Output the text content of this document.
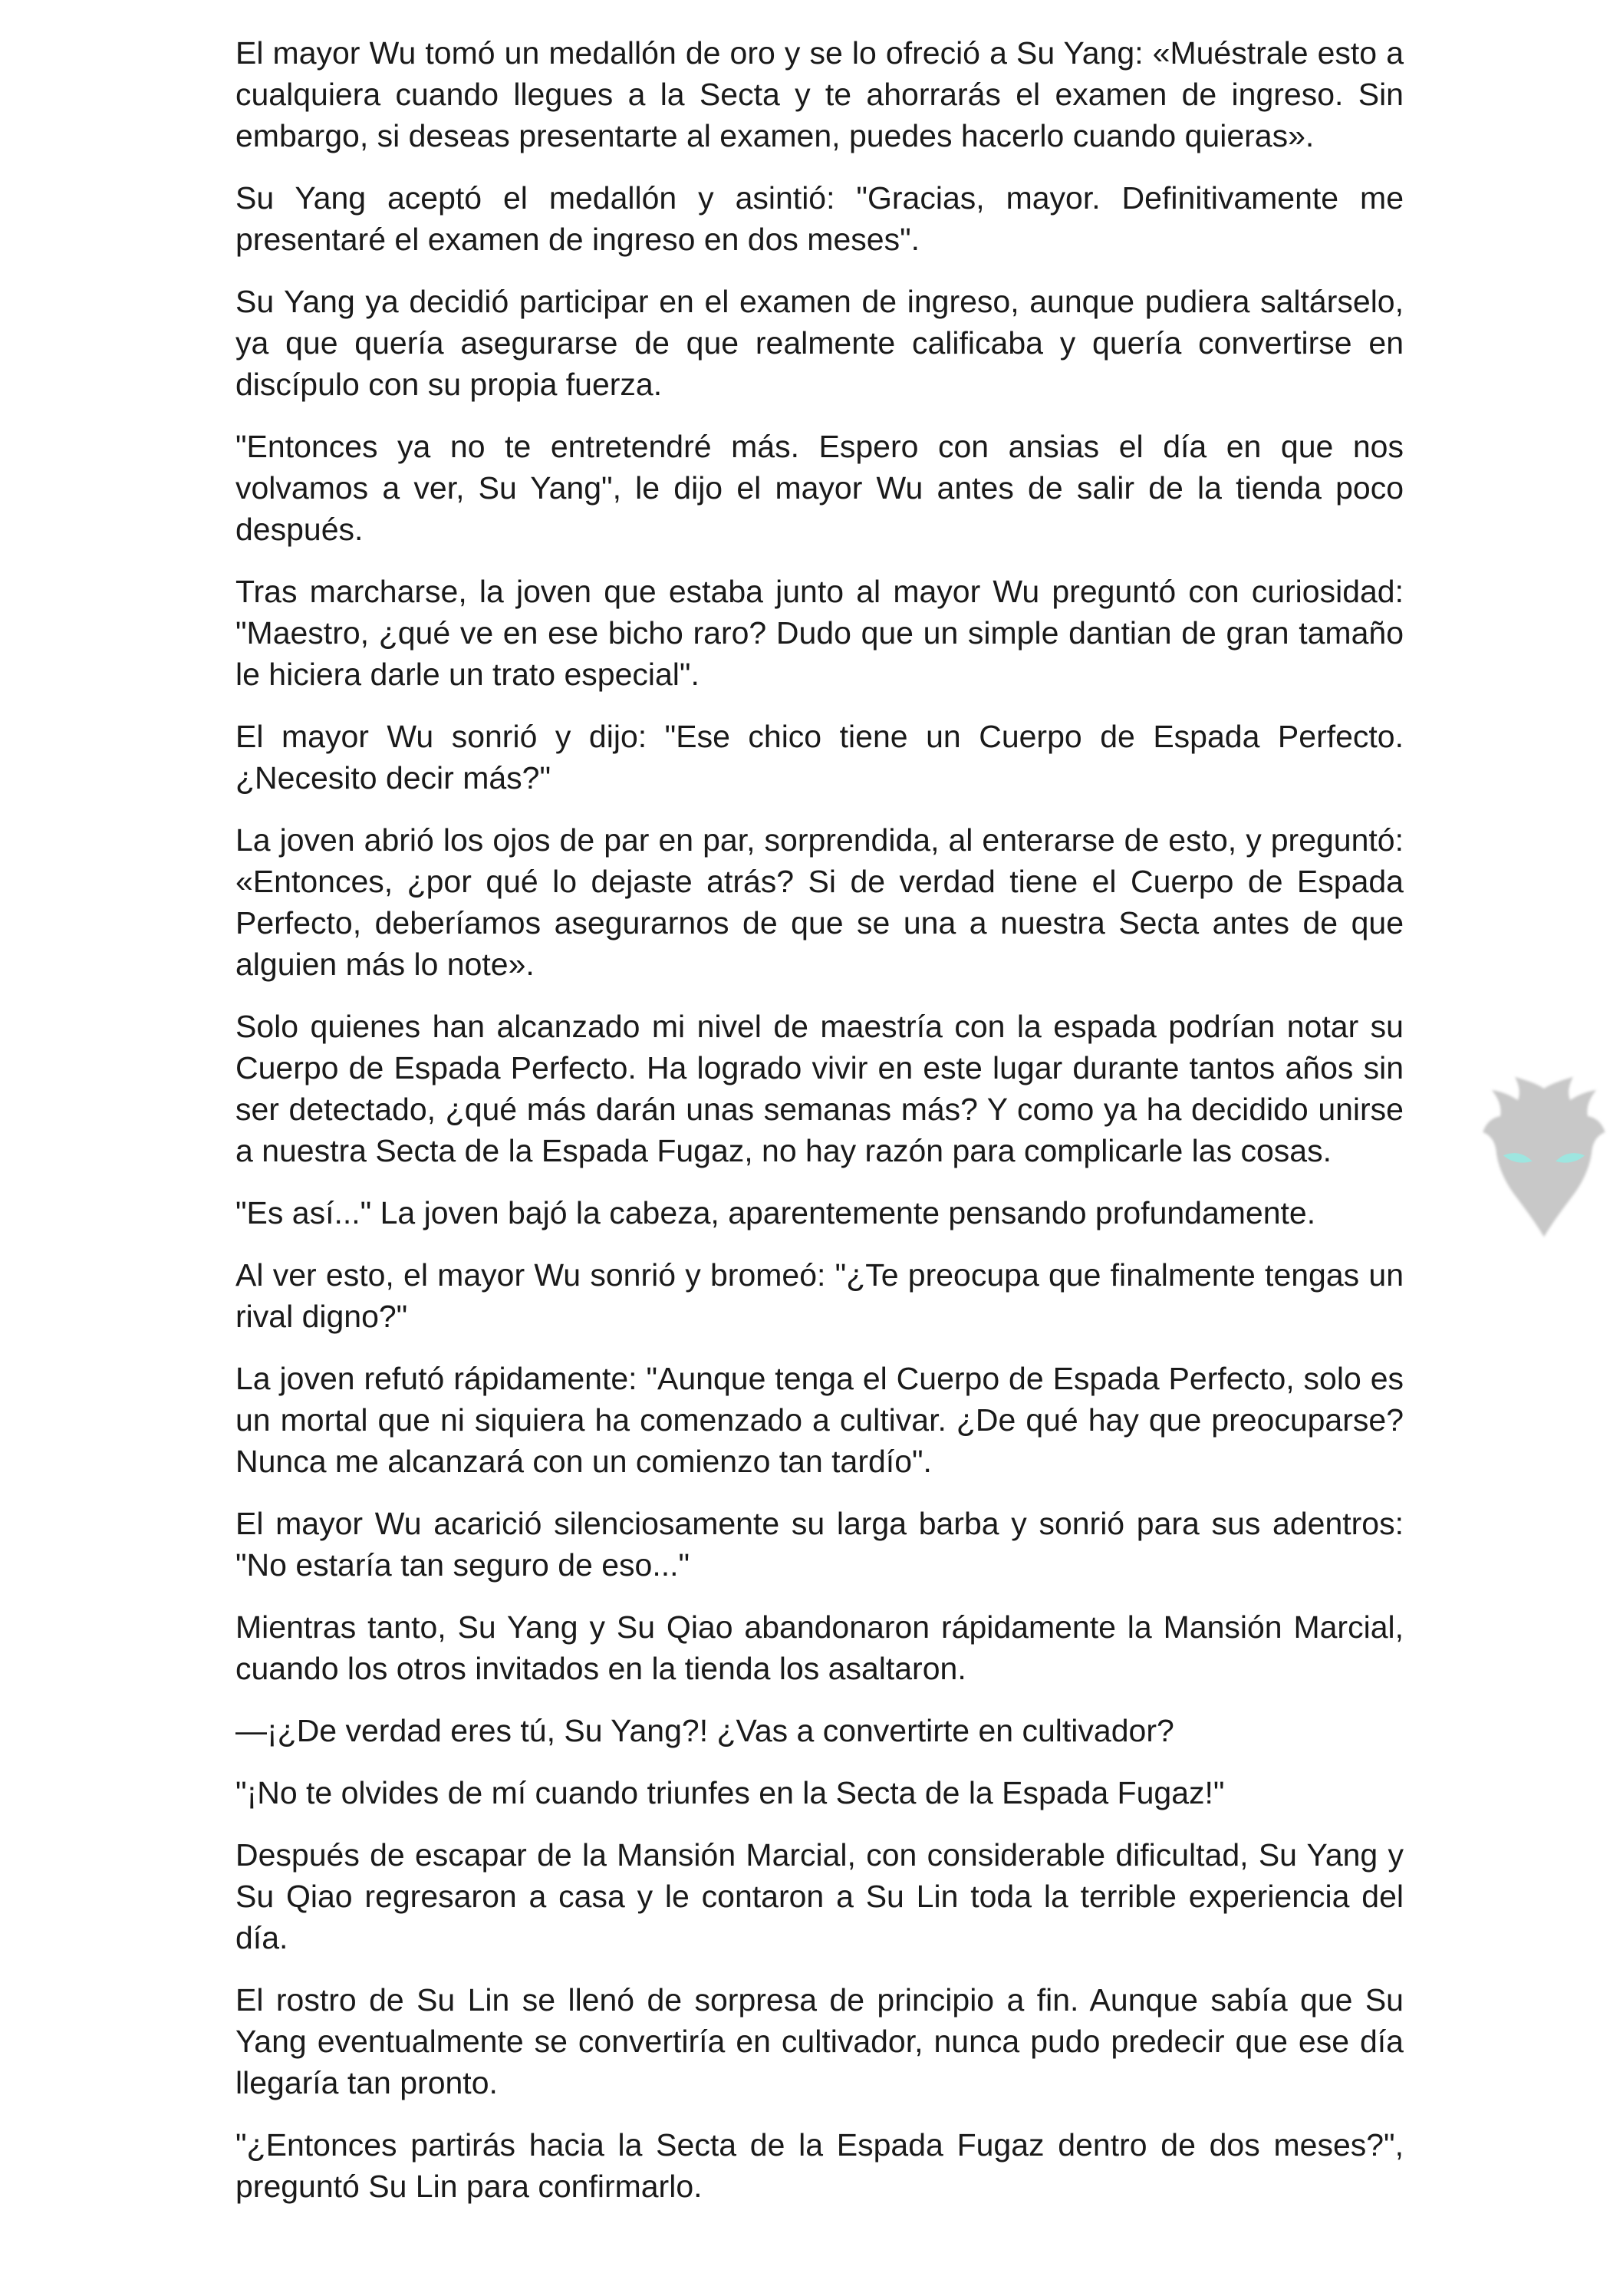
El mayor Wu tomó un medallón de oro y se lo ofreció a Su Yang: «Muéstrale esto a cualquiera cuando llegues a la Secta y te ahorrarás el examen de ingreso. Sin embargo, si deseas presentarte al examen, puedes hacerlo cuando quieras».

Su Yang aceptó el medallón y asintió: "Gracias, mayor. Definitivamente me presentaré el examen de ingreso en dos meses".

Su Yang ya decidió participar en el examen de ingreso, aunque pudiera saltárselo, ya que quería asegurarse de que realmente calificaba y quería convertirse en discípulo con su propia fuerza.

"Entonces ya no te entretendré más. Espero con ansias el día en que nos volvamos a ver, Su Yang", le dijo el mayor Wu antes de salir de la tienda poco después.

Tras marcharse, la joven que estaba junto al mayor Wu preguntó con curiosidad: "Maestro, ¿qué ve en ese bicho raro? Dudo que un simple dantian de gran tamaño le hiciera darle un trato especial".

El mayor Wu sonrió y dijo: "Ese chico tiene un Cuerpo de Espada Perfecto. ¿Necesito decir más?"

La joven abrió los ojos de par en par, sorprendida, al enterarse de esto, y preguntó: «Entonces, ¿por qué lo dejaste atrás? Si de verdad tiene el Cuerpo de Espada Perfecto, deberíamos asegurarnos de que se una a nuestra Secta antes de que alguien más lo note».

Solo quienes han alcanzado mi nivel de maestría con la espada podrían notar su Cuerpo de Espada Perfecto. Ha logrado vivir en este lugar durante tantos años sin ser detectado, ¿qué más darán unas semanas más? Y como ya ha decidido unirse a nuestra Secta de la Espada Fugaz, no hay razón para complicarle las cosas.

"Es así..." La joven bajó la cabeza, aparentemente pensando profundamente.

Al ver esto, el mayor Wu sonrió y bromeó: "¿Te preocupa que finalmente tengas un rival digno?"

La joven refutó rápidamente: "Aunque tenga el Cuerpo de Espada Perfecto, solo es un mortal que ni siquiera ha comenzado a cultivar. ¿De qué hay que preocuparse? Nunca me alcanzará con un comienzo tan tardío".

El mayor Wu acarició silenciosamente su larga barba y sonrió para sus adentros: "No estaría tan seguro de eso..."

Mientras tanto, Su Yang y Su Qiao abandonaron rápidamente la Mansión Marcial, cuando los otros invitados en la tienda los asaltaron.

—¡¿De verdad eres tú, Su Yang?! ¿Vas a convertirte en cultivador?

"¡No te olvides de mí cuando triunfes en la Secta de la Espada Fugaz!"

Después de escapar de la Mansión Marcial, con considerable dificultad, Su Yang y Su Qiao regresaron a casa y le contaron a Su Lin toda la terrible experiencia del día.

El rostro de Su Lin se llenó de sorpresa de principio a fin. Aunque sabía que Su Yang eventualmente se convertiría en cultivador, nunca pudo predecir que ese día llegaría tan pronto.

"¿Entonces partirás hacia la Secta de la Espada Fugaz dentro de dos meses?", preguntó Su Lin para confirmarlo.
